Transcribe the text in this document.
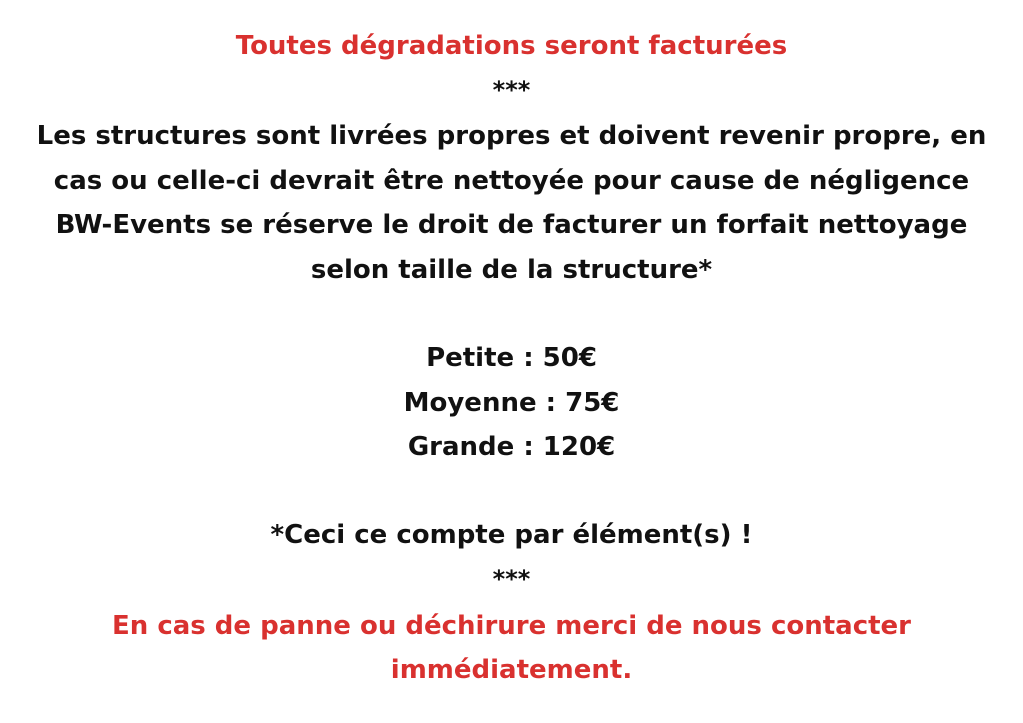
Toutes dégradations seront facturées
***
Les structures sont livrées propres et doivent revenir propre, en
cas ou celle-ci devrait être nettoyée pour cause de négligence
BW-Events se réserve le droit de facturer un forfait nettoyage
selon taille de la structure*
Petite : 50€
Moyenne : 75€
Grande : 120€
*Ceci ce compte par élément(s) !
***
En cas de panne ou déchirure merci de nous contacter
immédiatement.
